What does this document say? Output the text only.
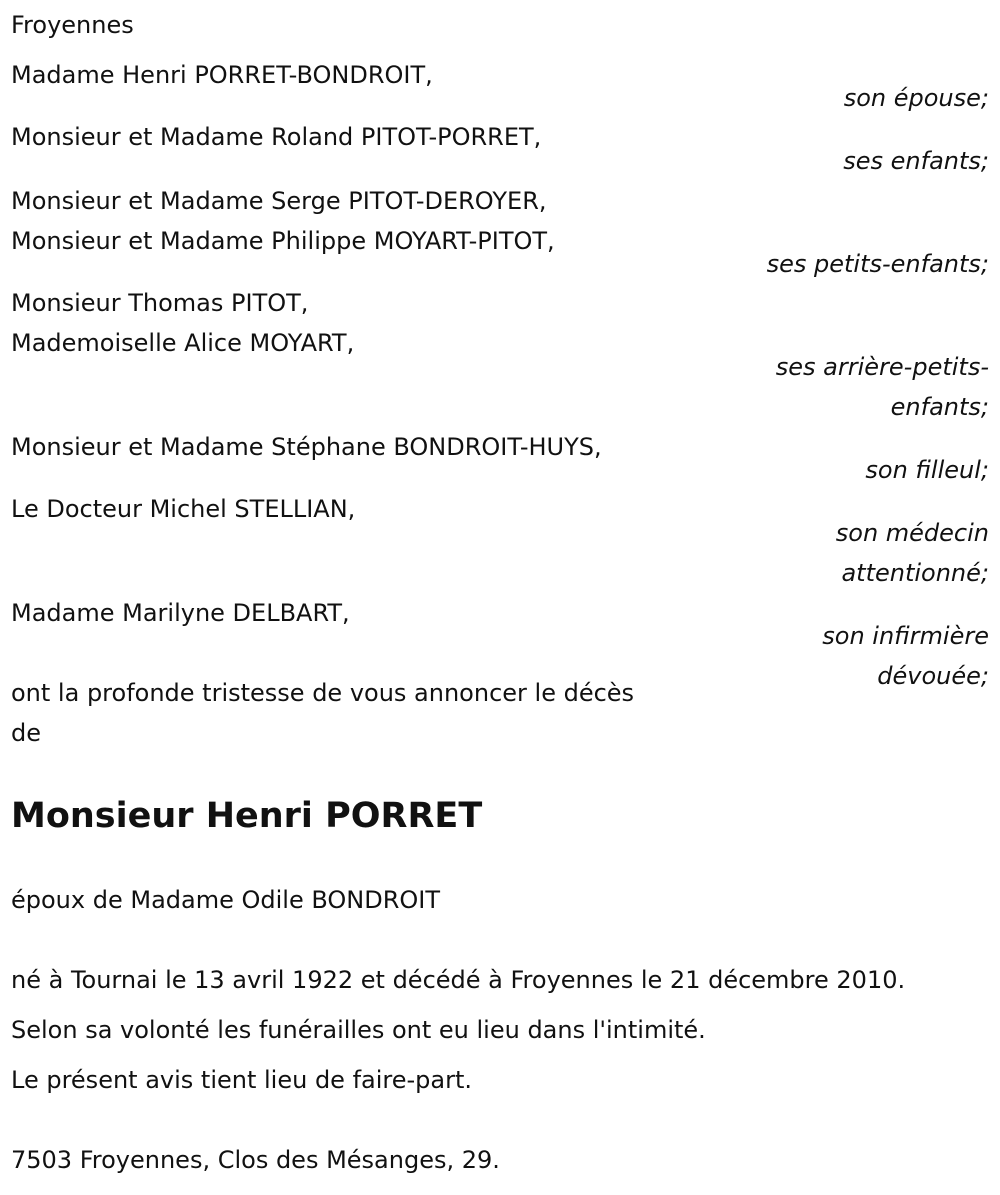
Froyennes
Madame Henri PORRET-BONDROIT,
son épouse;
Monsieur et Madame Roland PITOT-PORRET,
ses enfants;
Monsieur et Madame Serge PITOT-DEROYER,
Monsieur et Madame Philippe MOYART-PITOT,
ses petits-enfants;
Monsieur Thomas PITOT,
Mademoiselle Alice MOYART,
ses arrière-petits-
enfants;
Monsieur et Madame Stéphane BONDROIT-HUYS,
son filleul;
Le Docteur Michel STELLIAN,
son médecin
attentionné;
Madame Marilyne DELBART,
son infirmière
dévouée;
ont la profonde tristesse de vous annoncer le décès
de
Monsieur Henri PORRET
époux de Madame Odile BONDROIT
né à Tournai le 13 avril 1922 et décédé à Froyennes le 21 décembre 2010.
Selon sa volonté les funérailles ont eu lieu dans l'intimité.
Le présent avis tient lieu de faire-part.
7503 Froyennes, Clos des Mésanges, 29.
